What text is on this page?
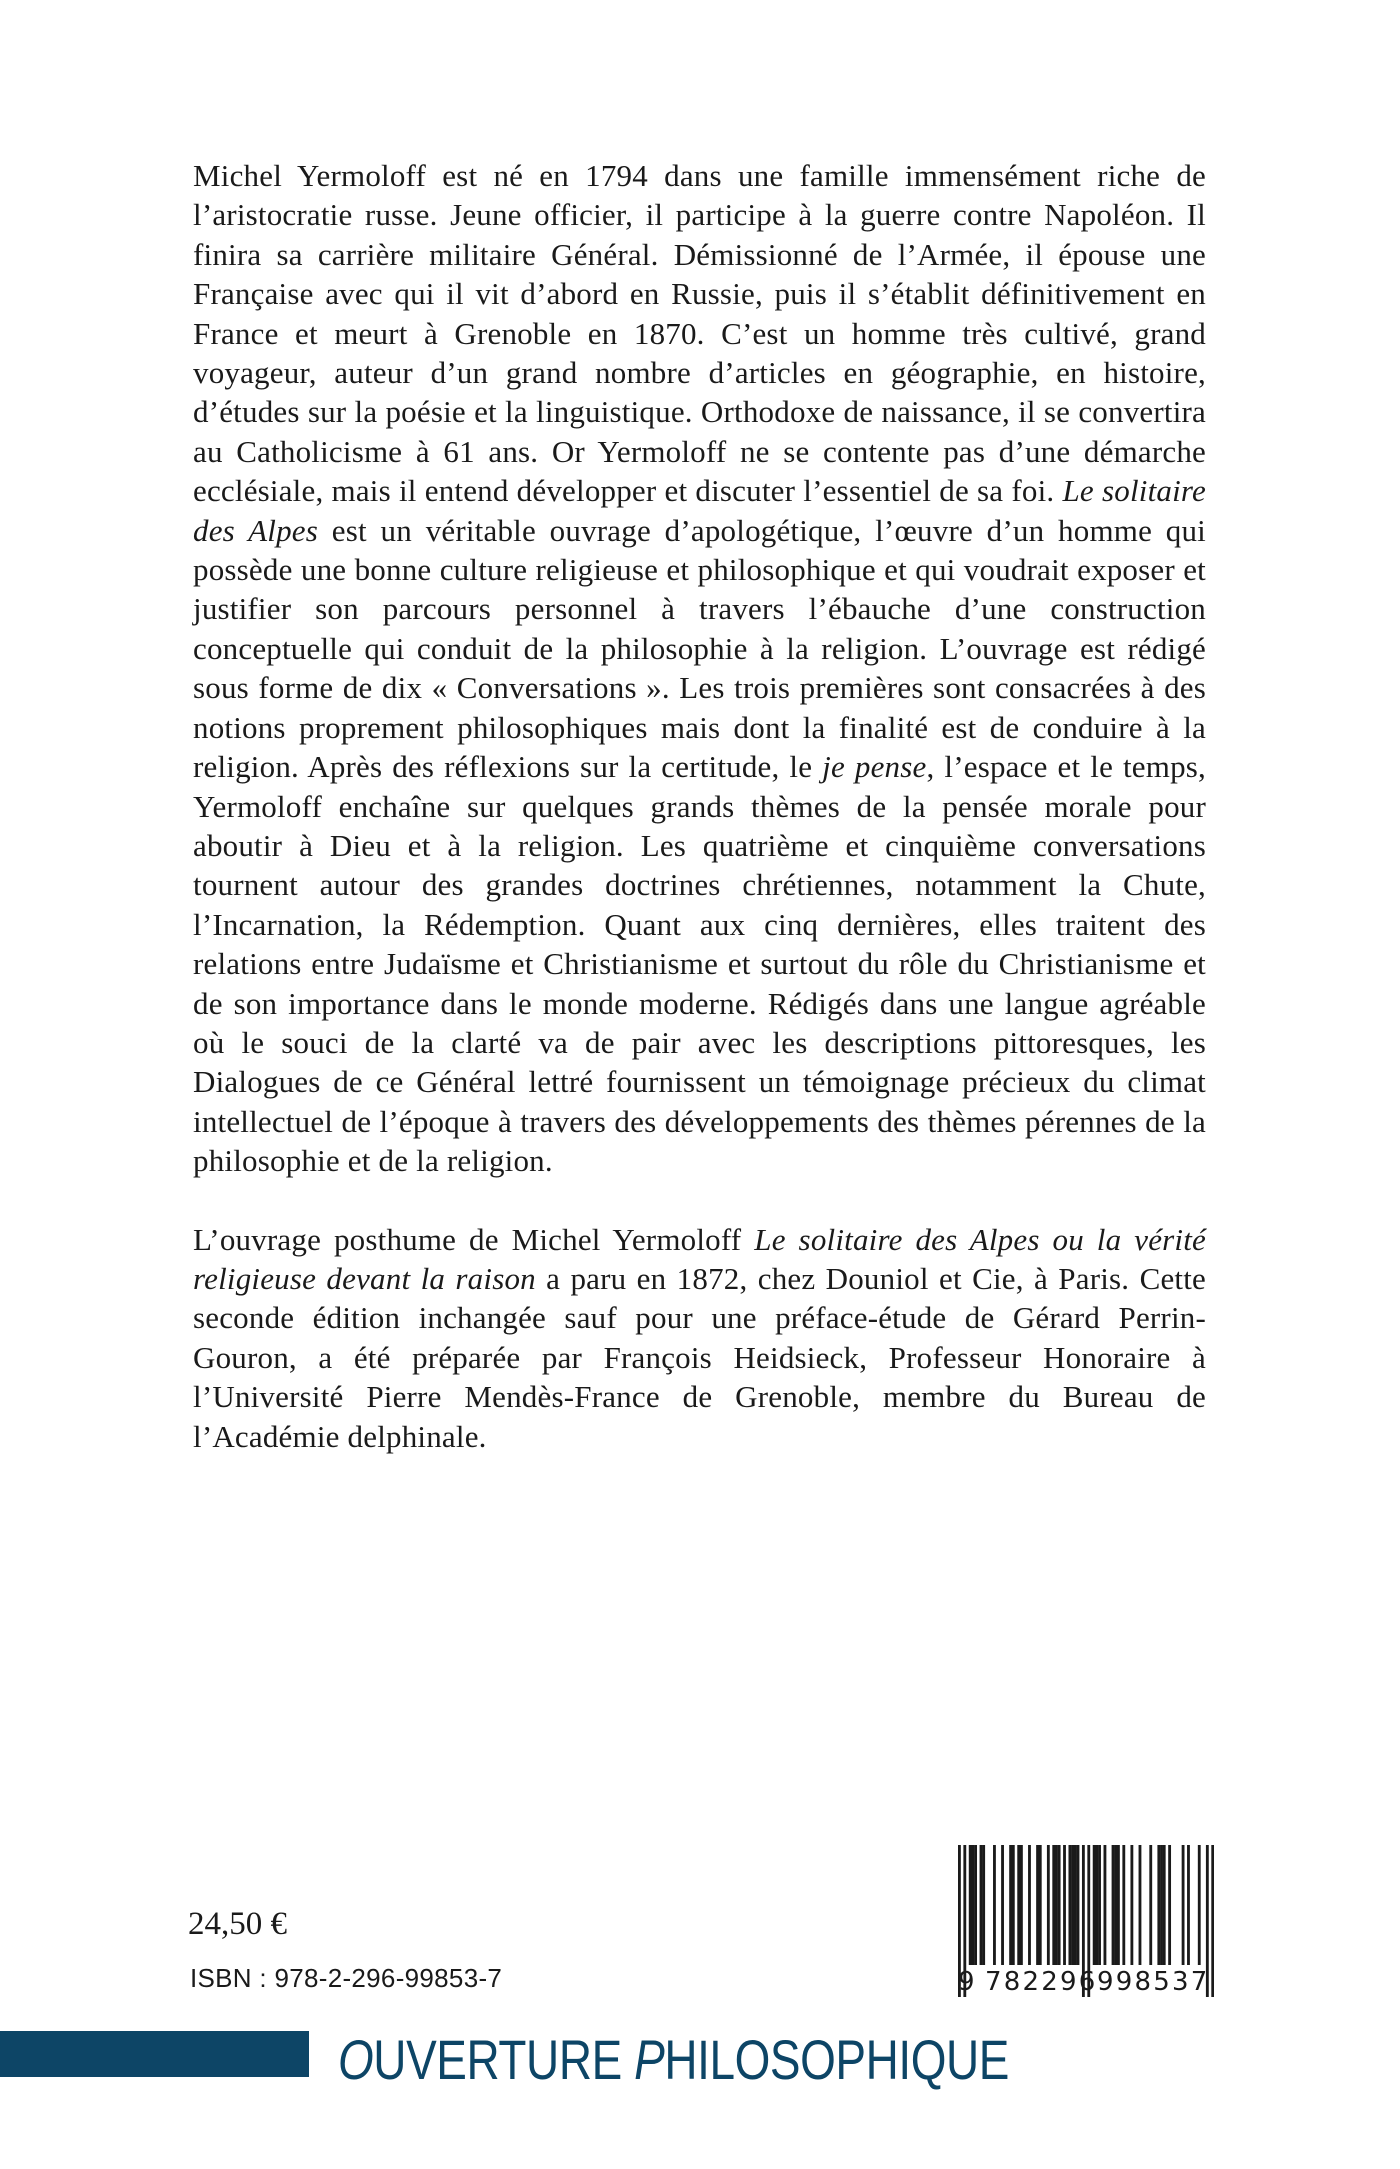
Michel Yermoloff est né en 1794 dans une famille immensément riche de l’aristocratie russe. Jeune officier, il participe à la guerre contre Napoléon. Il finira sa carrière militaire Général. Démissionné de l’Armée, il épouse une Française avec qui il vit d’abord en Russie, puis il s’établit définitivement en France et meurt à Grenoble en 1870. C’est un homme très cultivé, grand voyageur, auteur d’un grand nombre d’articles en géographie, en histoire, d’études sur la poésie et la linguistique. Orthodoxe de naissance, il se convertira au Catholicisme à 61 ans. Or Yermoloff ne se contente pas d’une démarche ecclésiale, mais il entend développer et discuter l’essentiel de sa foi. Le solitaire des Alpes est un véritable ouvrage d’apologétique, l’œuvre d’un homme qui possède une bonne culture religieuse et philosophique et qui voudrait exposer et justifier son parcours personnel à travers l’ébauche d’une construction conceptuelle qui conduit de la philosophie à la religion. L’ouvrage est rédigé sous forme de dix « Conversations ». Les trois premières sont consacrées à des notions proprement philosophiques mais dont la finalité est de conduire à la religion. Après des réflexions sur la certitude, le je pense, l’espace et le temps, Yermoloff enchaîne sur quelques grands thèmes de la pensée morale pour aboutir à Dieu et à la religion. Les quatrième et cinquième conversations tournent autour des grandes doctrines chrétiennes, notamment la Chute, l’Incarnation, la Rédemption. Quant aux cinq dernières, elles traitent des relations entre Judaïsme et Christianisme et surtout du rôle du Christianisme et de son importance dans le monde moderne. Rédigés dans une langue agréable où le souci de la clarté va de pair avec les descriptions pittoresques, les Dialogues de ce Général lettré fournissent un témoignage précieux du climat intellectuel de l’époque à travers des développements des thèmes pérennes de la philosophie et de la religion.

L’ouvrage posthume de Michel Yermoloff Le solitaire des Alpes ou la vérité religieuse devant la raison a paru en 1872, chez Douniol et Cie, à Paris. Cette seconde édition inchangée sauf pour une préface-étude de Gérard Perrin-Gouron, a été préparée par François Heidsieck, Professeur Honoraire à l’Université Pierre Mendès-France de Grenoble, membre du Bureau de l’Académie delphinale.

24,50 €
ISBN : 978-2-296-99853-7	9 782296 998537
OUVERTURE PHILOSOPHIQUE
